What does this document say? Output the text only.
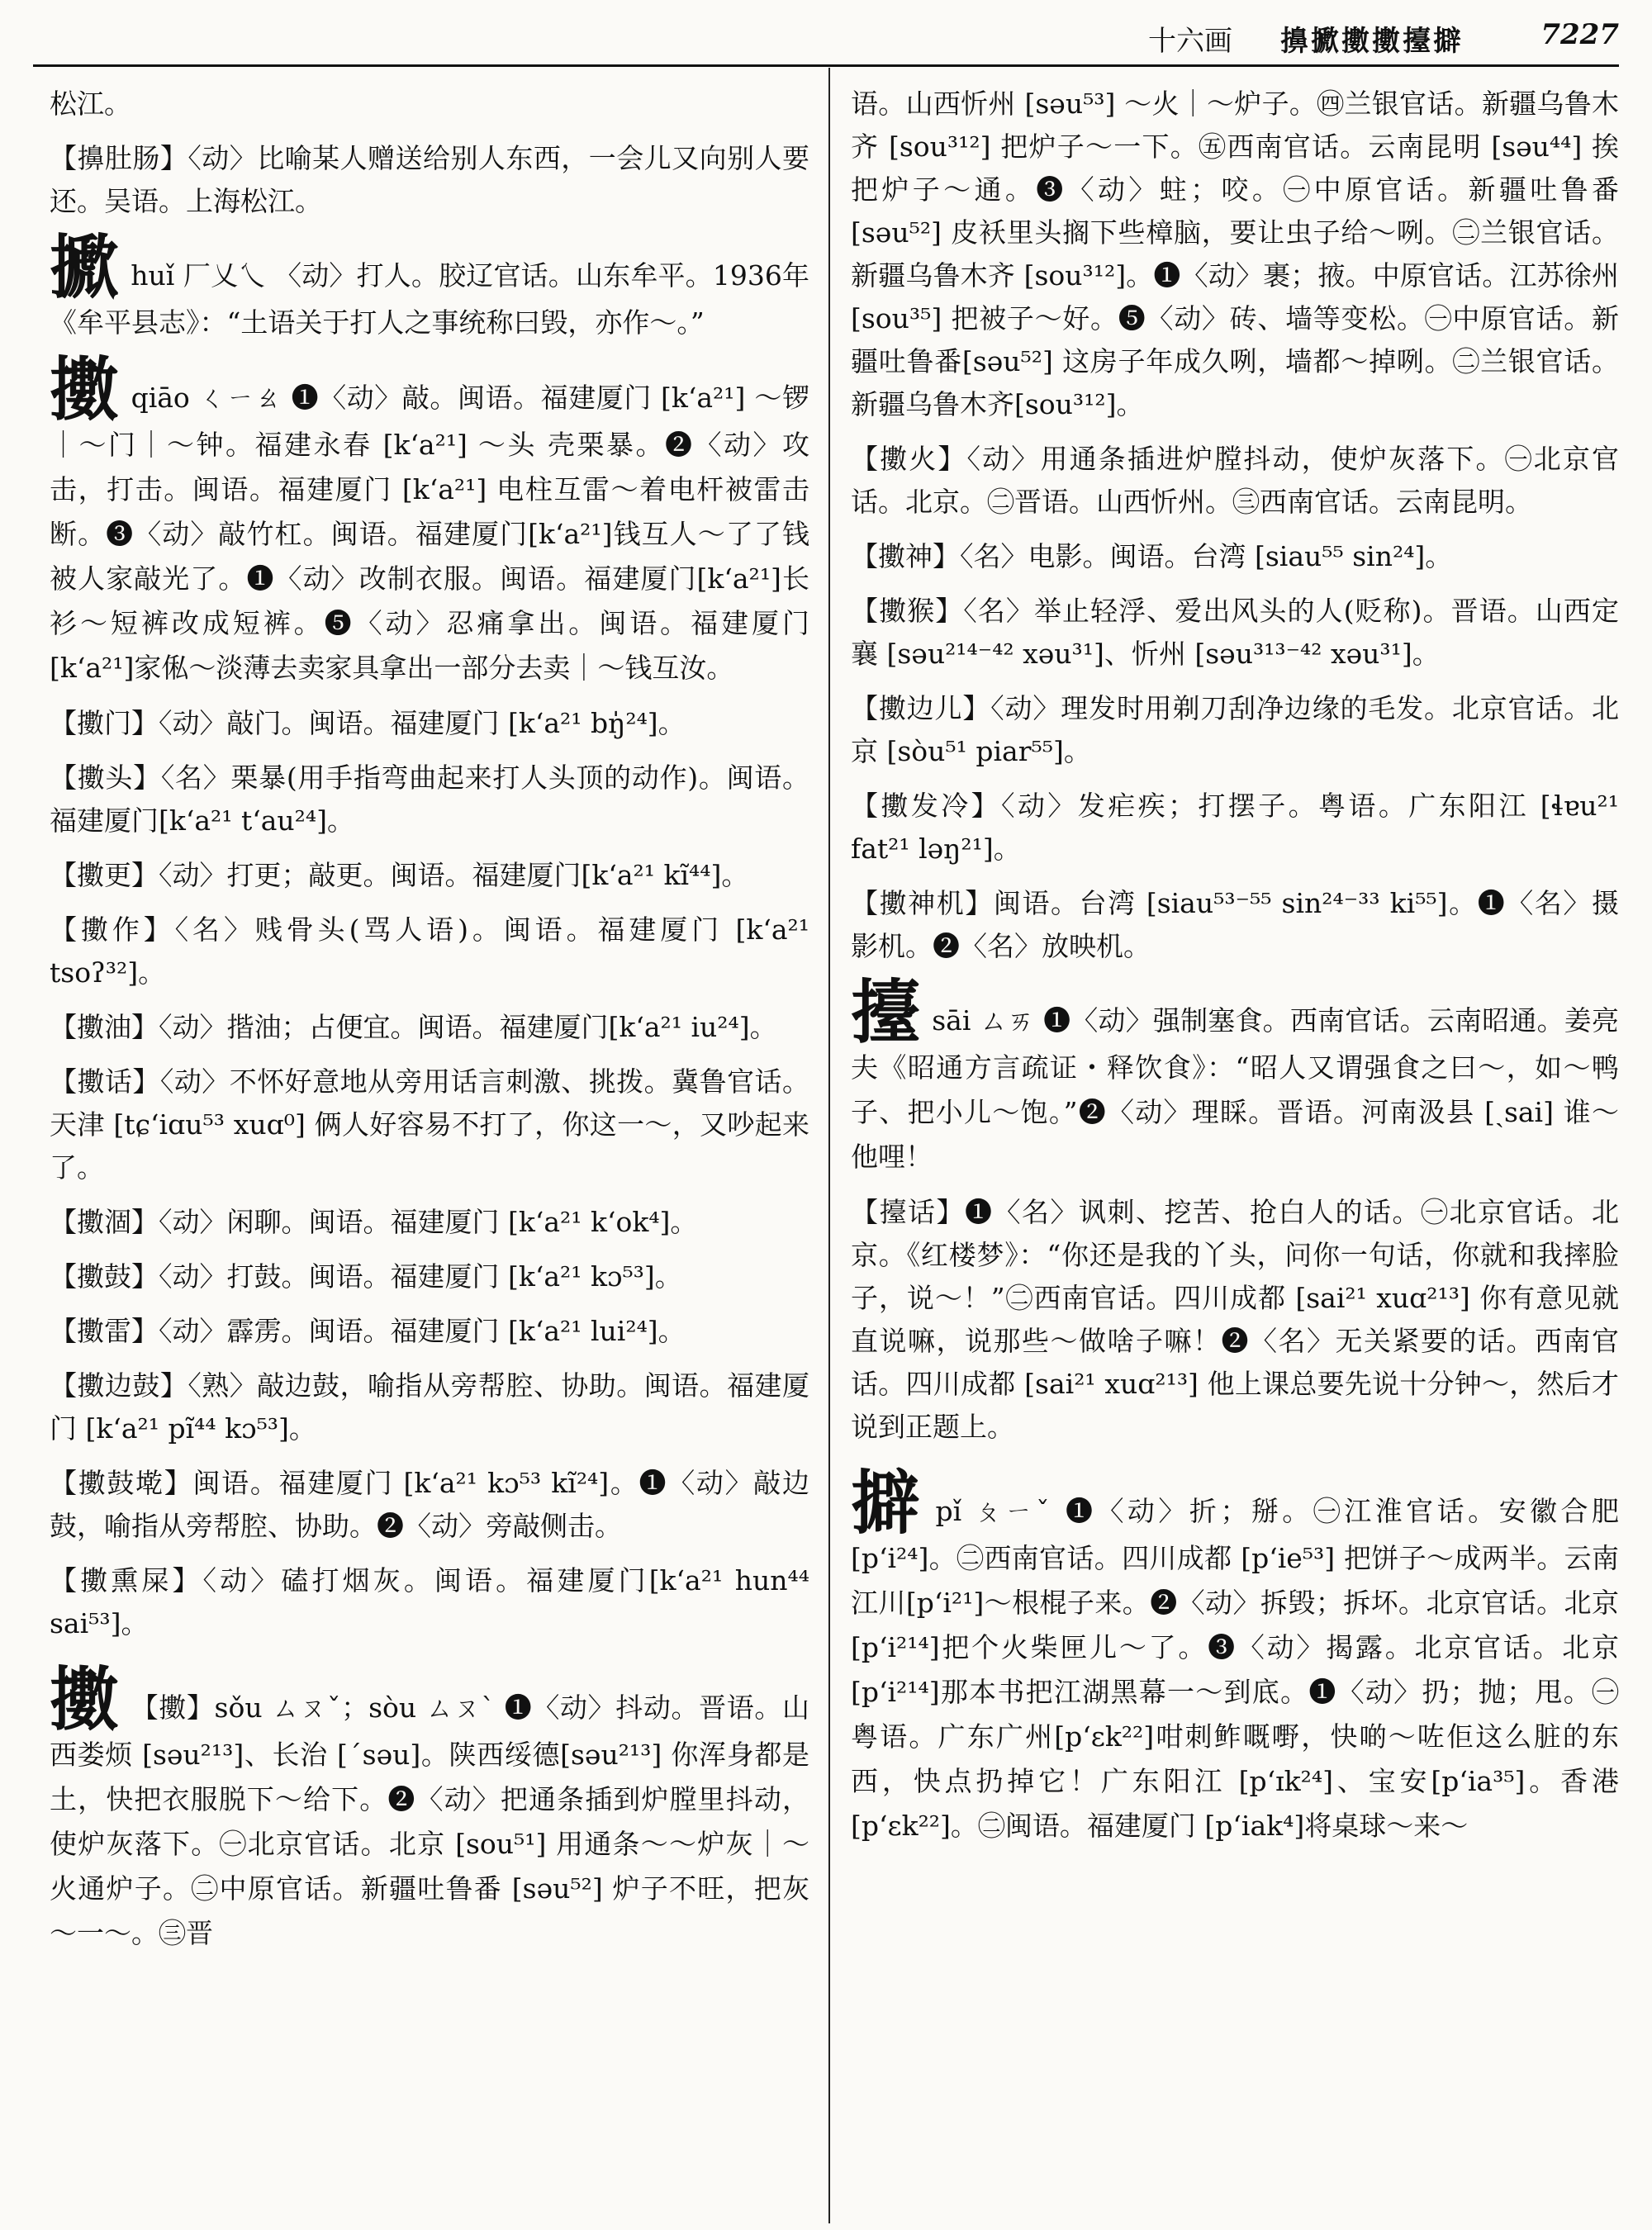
十六画 擤擨擻擻擡擗	7227

松江。

【擤肚肠】〈动〉比喻某人赠送给别人东西，一会儿又向别人要还。吴语。上海松江。

擨huǐ 厂乂乀 〈动〉打人。胶辽官话。山东牟平。1936年《牟平县志》：“土语关于打人之事统称曰毁，亦作～。”

擻qiāo ㄑㄧㄠ ❶〈动〉敲。闽语。福建厦门 [k‘a²¹] ～锣｜～门｜～钟。福建永春 [k‘a²¹] ～头 壳栗暴。❷〈动〉攻击，打击。闽语。福建厦门 [k‘a²¹] 电柱互雷～着电杆被雷击断。❸〈动〉敲竹杠。闽语。福建厦门[k‘a²¹]钱互人～了了钱被人家敲光了。❶〈动〉改制衣服。闽语。福建厦门[k‘a²¹]长衫～短裤改成短裤。❺〈动〉忍痛拿出。闽语。福建厦门[k‘a²¹]家俬～淡薄去卖家具拿出一部分去卖｜～钱互汝。

【擻门】〈动〉敲门。闽语。福建厦门 [k‘a²¹ bŋ̍²⁴]。

【擻头】〈名〉栗暴(用手指弯曲起来打人头顶的动作)。闽语。福建厦门[k‘a²¹ t‘au²⁴]。

【擻更】〈动〉打更；敲更。闽语。福建厦门[k‘a²¹ kĩ⁴⁴]。

【擻作】〈名〉贱骨头(骂人语)。闽语。福建厦门 [k‘a²¹ tsoʔ³²]。

【擻油】〈动〉揩油；占便宜。闽语。福建厦门[k‘a²¹ iu²⁴]。

【擻话】〈动〉不怀好意地从旁用话言刺激、挑拨。冀鲁官话。天津 [tɕ‘iɑu⁵³ xuɑ⁰] 俩人好容易不打了，你这一～，又吵起来了。

【擻涸】〈动〉闲聊。闽语。福建厦门 [k‘a²¹ k‘ok⁴]。

【擻鼓】〈动〉打鼓。闽语。福建厦门 [k‘a²¹ kɔ⁵³]。

【擻雷】〈动〉霹雳。闽语。福建厦门 [k‘a²¹ lui²⁴]。

【擻边鼓】〈熟〉敲边鼓，喻指从旁帮腔、协助。闽语。福建厦门 [k‘a²¹ pĩ⁴⁴ kɔ⁵³]。

【擻鼓墘】闽语。福建厦门 [k‘a²¹ kɔ⁵³ kĩ²⁴]。❶〈动〉敲边鼓，喻指从旁帮腔、协助。❷〈动〉旁敲侧击。

【擻熏屎】〈动〉磕打烟灰。闽语。福建厦门[k‘a²¹ hun⁴⁴ sai⁵³]。

擻 【擻】sǒu ㄙㄡˇ；sòu ㄙㄡˋ ❶〈动〉抖动。晋语。山西娄烦 [səu²¹³]、长治 [ˊsəu]。陕西绥德[səu²¹³] 你浑身都是土，快把衣服脱下～给下。❷〈动〉把通条插到炉膛里抖动，使炉灰落下。㊀北京官话。北京 [sou⁵¹] 用通条～～炉灰｜～火通炉子。㊁中原官话。新疆吐鲁番 [səu⁵²] 炉子不旺，把灰～一～。㊂晋

语。山西忻州 [səu⁵³] ～火｜～炉子。㊃兰银官话。新疆乌鲁木齐 [sou³¹²] 把炉子～一下。㊄西南官话。云南昆明 [səu⁴⁴] 挨把炉子～通。❸〈动〉蛀；咬。㊀中原官话。新疆吐鲁番 [səu⁵²] 皮袄里头搁下些樟脑，要让虫子给～咧。㊁兰银官话。新疆乌鲁木齐 [sou³¹²]。❶〈动〉裹；掖。中原官话。江苏徐州[sou³⁵] 把被子～好。❺〈动〉砖、墙等变松。㊀中原官话。新疆吐鲁番[səu⁵²] 这房子年成久咧，墙都～掉咧。㊁兰银官话。新疆乌鲁木齐[sou³¹²]。

【擻火】〈动〉用通条插进炉膛抖动，使炉灰落下。㊀北京官话。北京。㊁晋语。山西忻州。㊂西南官话。云南昆明。

【擻神】〈名〉电影。闽语。台湾 [siau⁵⁵ sin²⁴]。

【擻猴】〈名〉举止轻浮、爱出风头的人(贬称)。晋语。山西定襄 [səu²¹⁴⁻⁴² xəu³¹]、忻州 [səu³¹³⁻⁴² xəu³¹]。

【擻边儿】〈动〉理发时用剃刀刮净边缘的毛发。北京官话。北京 [sòu⁵¹ piar⁵⁵]。

【擻发冷】〈动〉发疟疾；打摆子。粤语。广东阳江 [ɬɐu²¹ fat²¹ ləŋ²¹]。

【擻神机】闽语。台湾 [siau⁵³⁻⁵⁵ sin²⁴⁻³³ ki⁵⁵]。❶〈名〉摄影机。❷〈名〉放映机。

擡sāi ㄙㄞ ❶〈动〉强制塞食。西南官话。云南昭通。姜亮夫《昭通方言疏证・释饮食》：“昭人又谓强食之曰～，如～鸭子、把小儿～饱。”❷〈动〉理睬。晋语。河南汲县 [ˏsai] 谁～他哩！

【擡话】❶〈名〉讽刺、挖苦、抢白人的话。㊀北京官话。北京。《红楼梦》：“你还是我的丫头，问你一句话，你就和我摔脸子，说～！”㊁西南官话。四川成都 [sai²¹ xuɑ²¹³] 你有意见就直说嘛，说那些～做啥子嘛！❷〈名〉无关紧要的话。西南官话。四川成都 [sai²¹ xuɑ²¹³] 他上课总要先说十分钟～，然后才说到正题上。

擗pǐ ㄆㄧˇ ❶〈动〉折；掰。㊀江淮官话。安徽合肥[p‘i²⁴]。㊁西南官话。四川成都 [p‘ie⁵³] 把饼子～成两半。云南江川[p‘i²¹]～根棍子来。❷〈动〉拆毁；拆坏。北京官话。北京[p‘i²¹⁴]把个火柴匣儿～了。❸〈动〉揭露。北京官话。北京[p‘i²¹⁴]那本书把江湖黑幕一～到底。❶〈动〉扔；抛；甩。㊀粤语。广东广州[p‘ɛk²²]咁刺鲊嘅嘢，快啲～咗佢这么脏的东西，快点扔掉它！广东阳江 [p‘ɪk²⁴]、宝安[p‘ia³⁵]。香港[p‘ɛk²²]。㊁闽语。福建厦门 [p‘iak⁴]将桌球～来～
